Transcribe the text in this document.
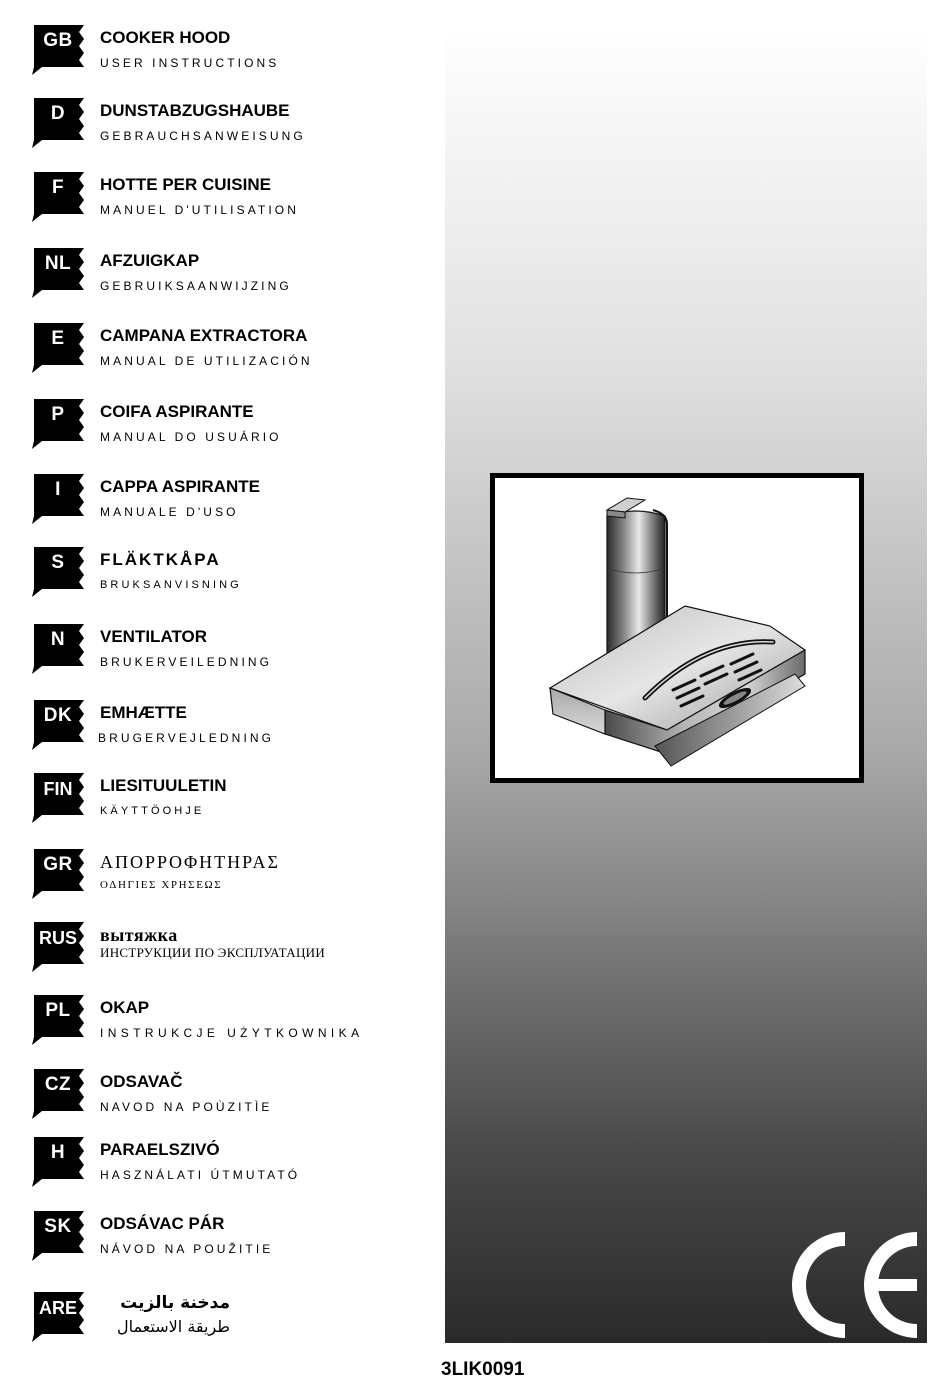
GB	COOKER HOOD
USER INSTRUCTIONS
D	DUNSTABZUGSHAUBE
GEBRAUCHSANWEISUNG
F	HOTTE PER CUISINE
MANUEL D'UTILISATION
NL	AFZUIGKAP
GEBRUIKSAANWIJZING
E	CAMPANA EXTRACTORA
MANUAL DE UTILIZACIÓN
P	COIFA ASPIRANTE
MANUAL DO USUÁRIO
I	CAPPA ASPIRANTE
MANUALE D'USO
S	FLÄKTKÅPA
BRUKSANVISNING
N	VENTILATOR
BRUKERVEILEDNING
DK	EMHÆTTE
BRUGERVEJLEDNING
FIN	LIESITUULETIN
KÄYTTÖOHJE
GR	ΑΠΟΡΡΟΦΗΤΗΡΑΣ
ΟΔΗΓΙΕΣ ΧΡΗΣΕΩΣ
RUS	вытяжка
ИНСТРУКЦИИ ПО ЭКСПЛУАТАЦИИ
PL	OKAP
INSTRUKCJE UŻYTKOWNIKA
CZ	ODSAVAČ
NAVOD NA POÙZITÌE
H	PARAELSZIVÓ
HASZNÁLATI ÚTMUTATÓ
SK	ODSÁVAC PÁR
NÁVOD NA POUŽITIE
ARE	مدخنة بالزيت
طريقة الاستعمال
3LIK0091
